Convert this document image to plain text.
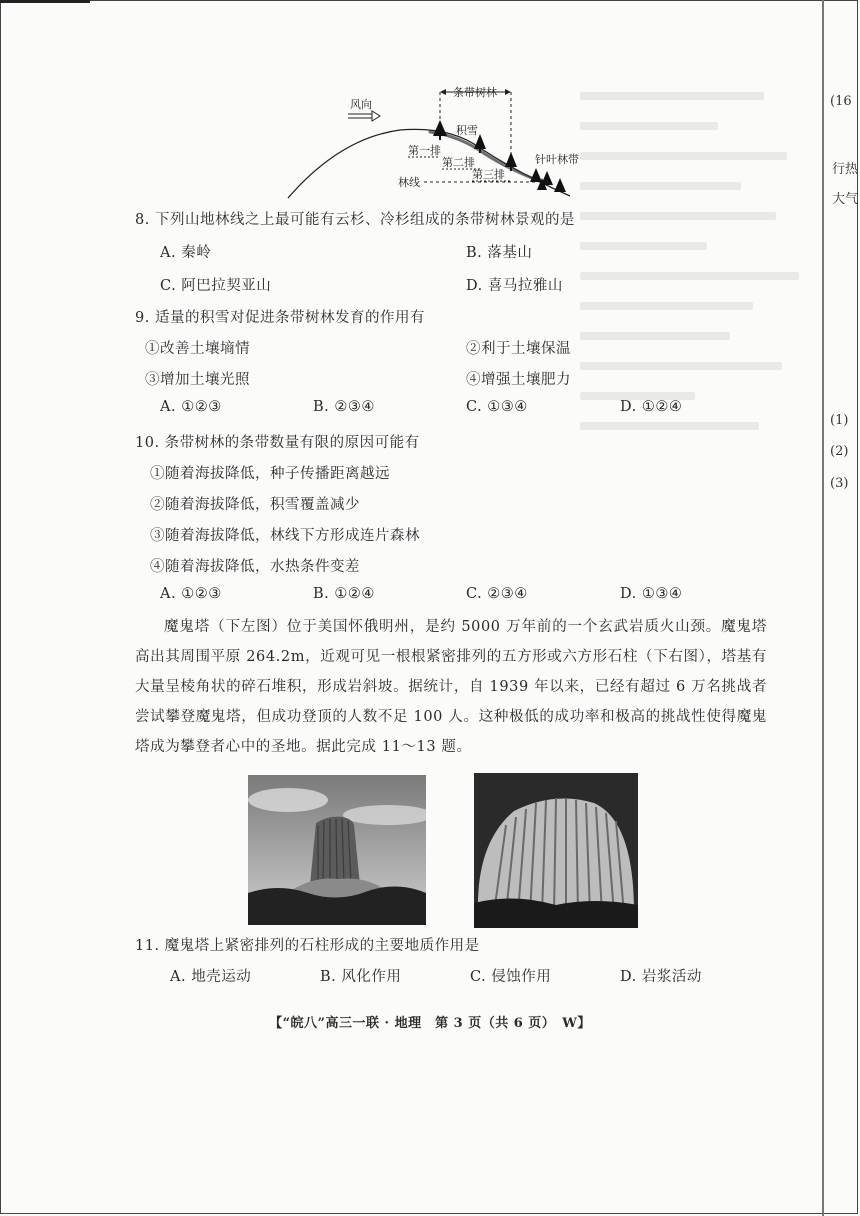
(16
行热
大气
(1)
(2)
(3)
条带树林
风向
积雪
第一排
第二排
第三排
林线
针叶林带
8. 下列山地林线之上最可能有云杉、冷杉组成的条带树林景观的是
A. 秦岭	B. 落基山
C. 阿巴拉契亚山	D. 喜马拉雅山
9. 适量的积雪对促进条带树林发育的作用有
①改善土壤墒情	②利于土壤保温
③增加土壤光照	④增强土壤肥力
A. ①②③	B. ②③④	C. ①③④	D. ①②④
10. 条带树林的条带数量有限的原因可能有
①随着海拔降低，种子传播距离越远
②随着海拔降低，积雪覆盖减少
③随着海拔降低，林线下方形成连片森林
④随着海拔降低，水热条件变差
A. ①②③	B. ①②④	C. ②③④	D. ①③④
魔鬼塔（下左图）位于美国怀俄明州，是约 5000 万年前的一个玄武岩质火山颈。魔鬼塔高出其周围平原 264.2m，近观可见一根根紧密排列的五方形或六方形石柱（下右图），塔基有大量呈棱角状的碎石堆积，形成岩斜坡。据统计，自 1939 年以来，已经有超过 6 万名挑战者尝试攀登魔鬼塔，但成功登顶的人数不足 100 人。这种极低的成功率和极高的挑战性使得魔鬼塔成为攀登者心中的圣地。据此完成 11～13 题。
11. 魔鬼塔上紧密排列的石柱形成的主要地质作用是
A. 地壳运动	B. 风化作用	C. 侵蚀作用	D. 岩浆活动
【“皖八”高三一联 · 地理　第 3 页（共 6 页）　W】
